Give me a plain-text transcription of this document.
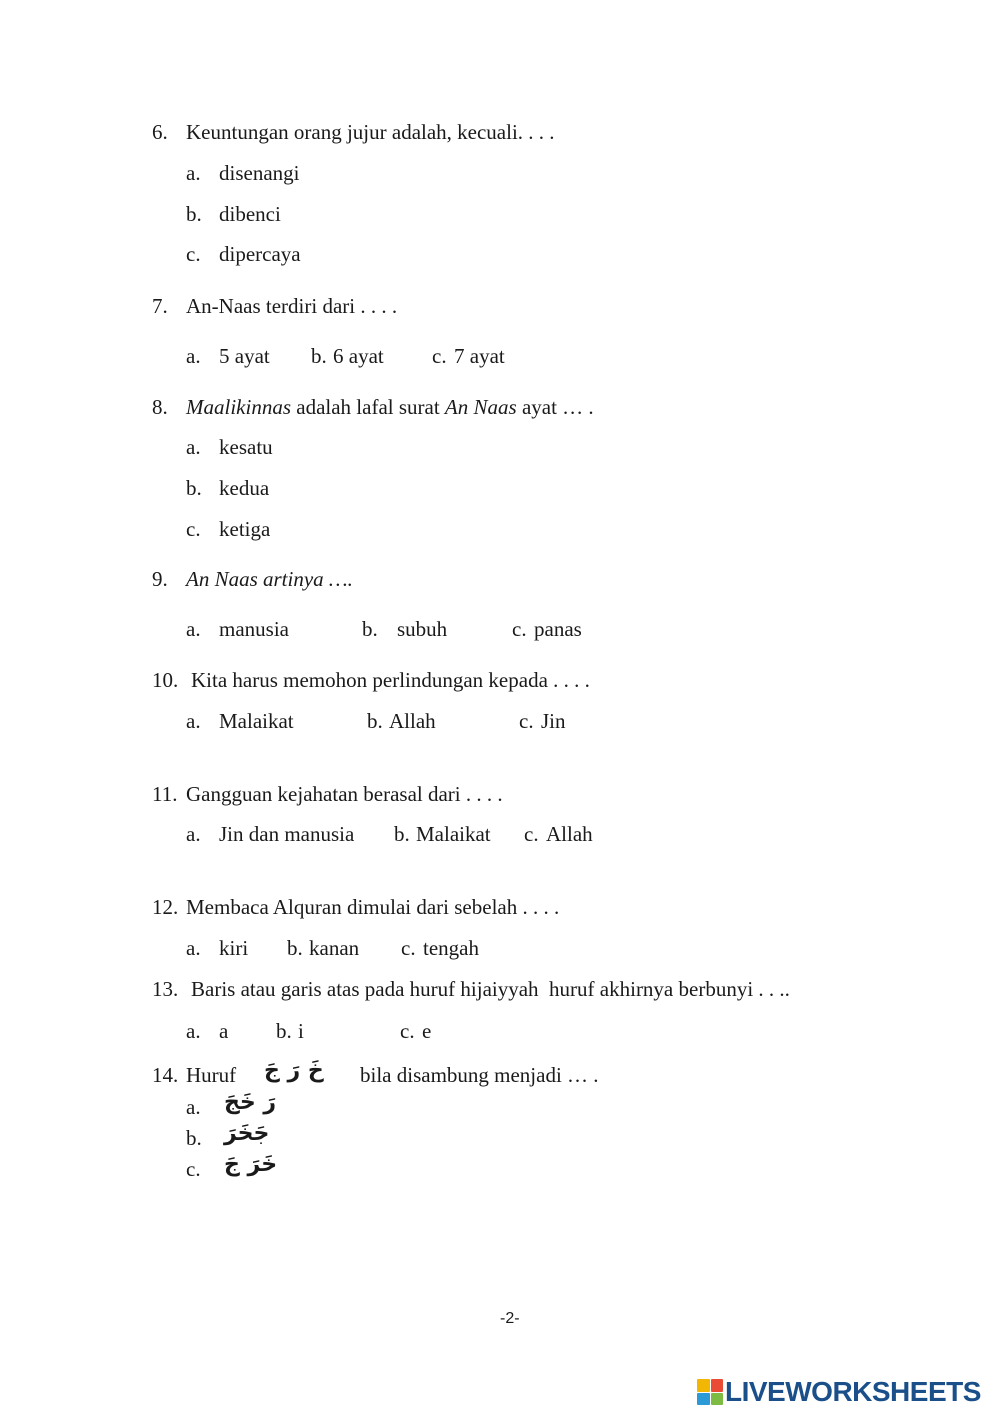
6. Keuntungan orang jujur adalah, kecuali. . . .
a. disenangi
b. dibenci
c. dipercaya
7. An-Naas terdiri dari . . . .
a. 5 ayat b. 6 ayat c. 7 ayat
8. Maalikinnas adalah lafal surat An Naas ayat … .
a. kesatu
b. kedua
c. ketiga
9. An Naas artinya ….
a. manusia	b. subuh	c. panas
10. Kita harus memohon perlindungan kepada . . . .
a. Malaikat	b. Allah	c. Jin
11. Gangguan kejahatan berasal dari . . . .
a. Jin dan manusia b. Malaikat c. Allah
12. Membaca Alquran dimulai dari sebelah . . . .
a. kiri b. kanan c. tengah
13. Baris atau garis atas pada huruf hijaiyyah  huruf akhirnya berbunyi . . ..
a. a b. i	c. e
14. Huruf خَ رَ جَ bila disambung menjadi … .
a. رَ خَجَ
b. جَخَرَ
c. خَرَ جَ
-2-
LIVEWORKSHEETS
